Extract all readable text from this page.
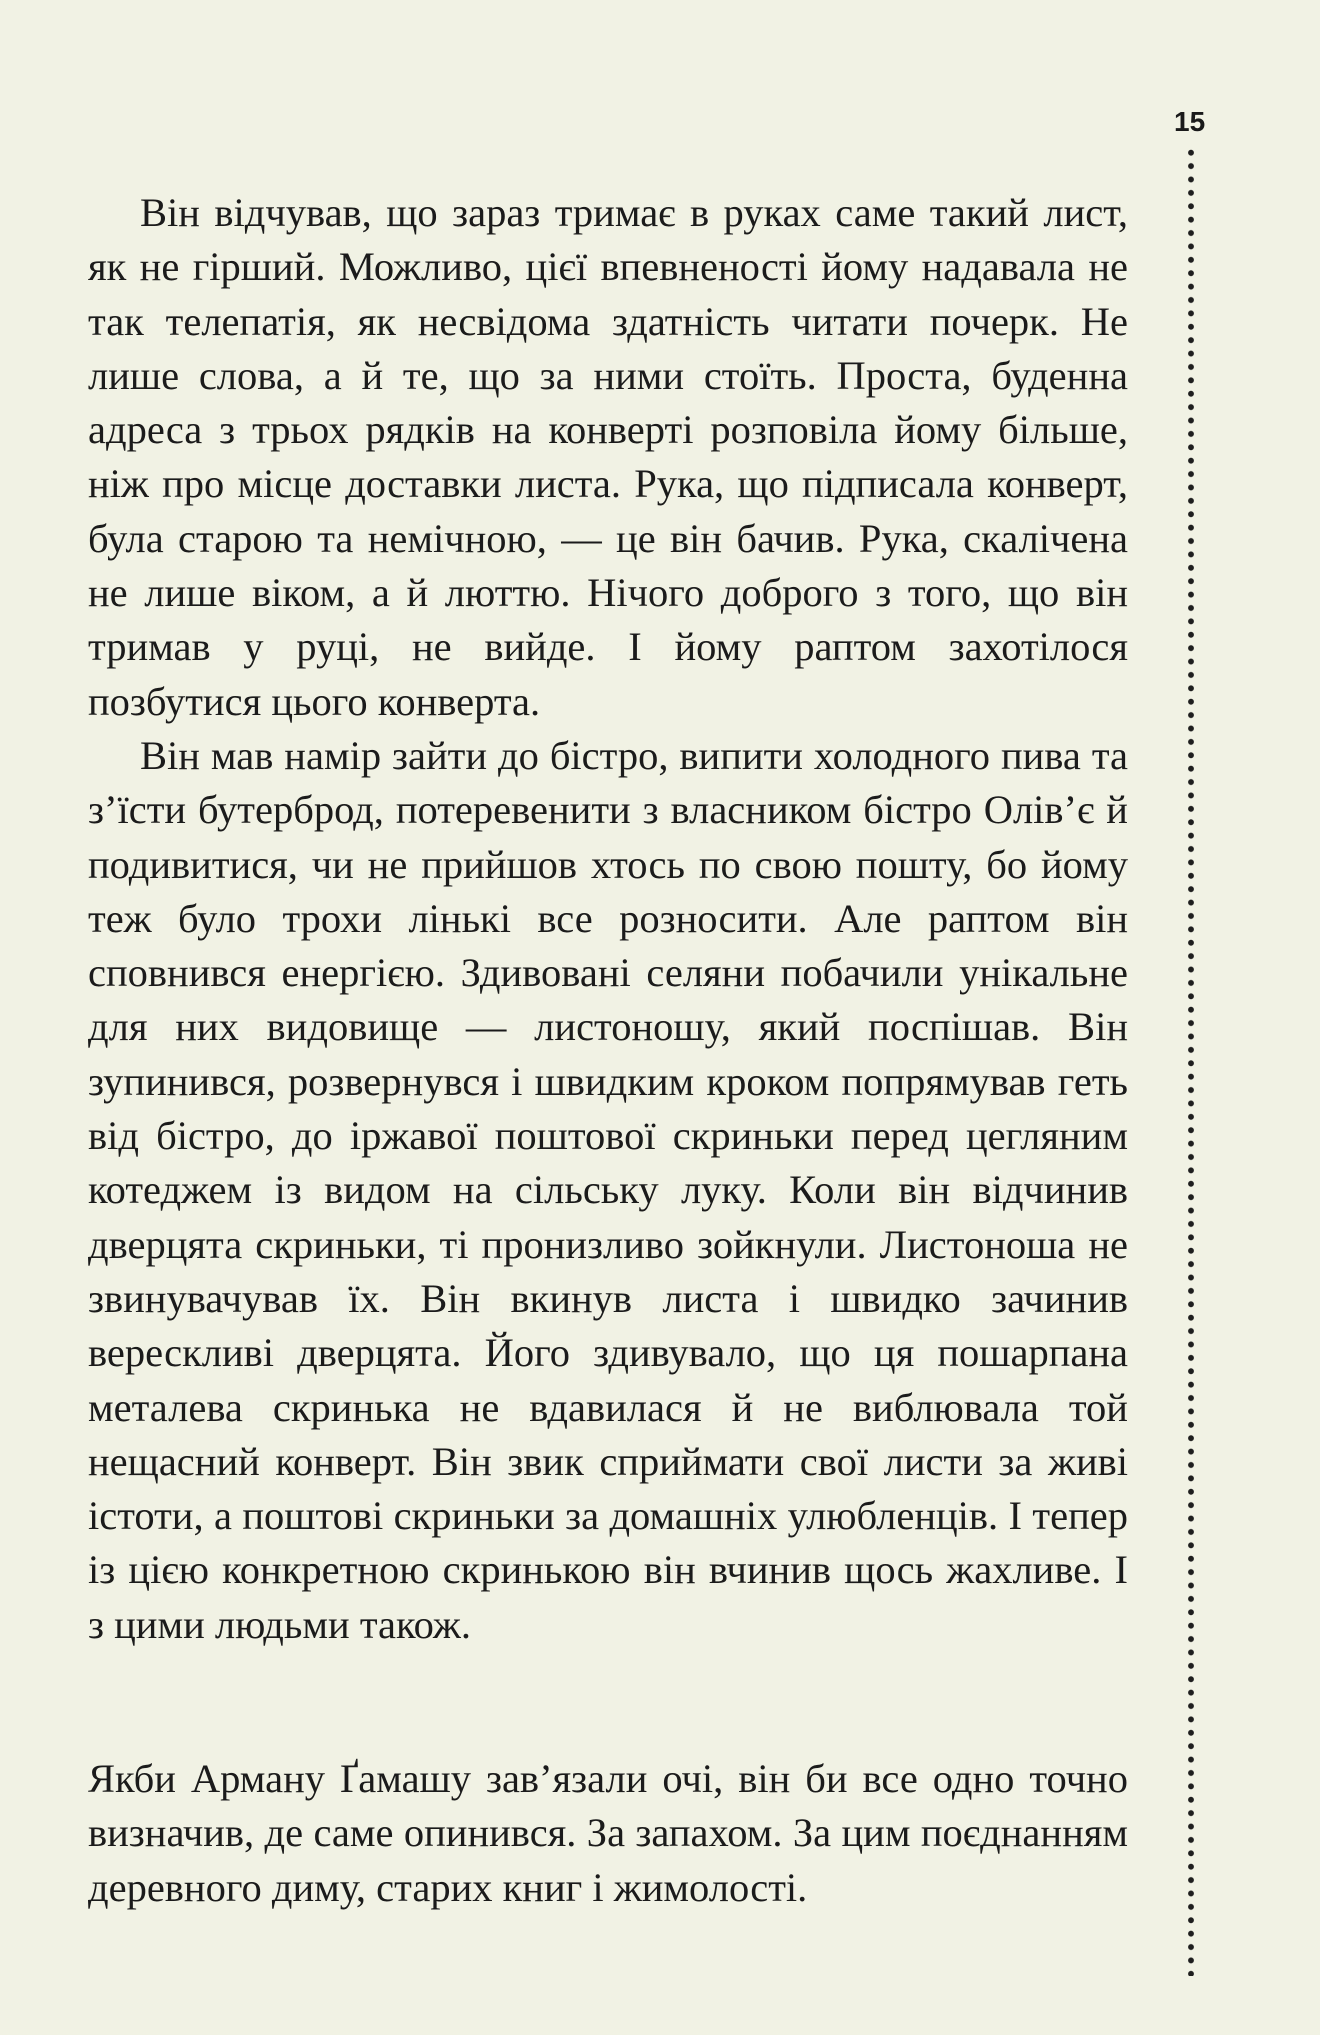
15

Він відчував, що зараз тримає в руках саме такий лист, як не гірший. Можливо, цієї впевненості йому надавала не так телепатія, як несвідома здатність читати почерк. Не лише слова, а й те, що за ними стоїть. Проста, буденна адреса з трьох рядків на конверті розповіла йому більше, ніж про місце доставки листа. Рука, що підписала конверт, була старою та немічною, — це він бачив. Рука, скалічена не лише віком, а й люттю. Нічого доброго з того, що він тримав у руці, не вийде. І йому раптом захотілося позбутися цього конверта.

Він мав намір зайти до бістро, випити холодного пива та з’їсти бутерброд, потеревенити з власником бістро Олів’є й подивитися, чи не прийшов хтось по свою пошту, бо йому теж було трохи лінькі все розносити. Але раптом він сповнився енергією. Здивовані селяни побачили унікальне для них видовище — листоношу, який поспішав. Він зупинився, розвернувся і швидким кроком попрямував геть від бістро, до іржавої поштової скриньки перед цегляним котеджем із видом на сільську луку. Коли він відчинив дверцята скриньки, ті пронизливо зойкнули. Листоноша не звинувачував їх. Він вкинув листа і швидко зачинив верескливі дверцята. Його здивувало, що ця пошарпана металева скринька не вдавилася й не виблювала той нещасний конверт. Він звик сприймати свої листи за живі істоти, а поштові скриньки за домашніх улюбленців. І тепер із цією конкретною скринькою він вчинив щось жахливе. І з цими людьми також.

Якби Арману Ґамашу зав’язали очі, він би все одно точно визначив, де саме опинився. За запахом. За цим поєднанням деревного диму, старих книг і жимолості.
